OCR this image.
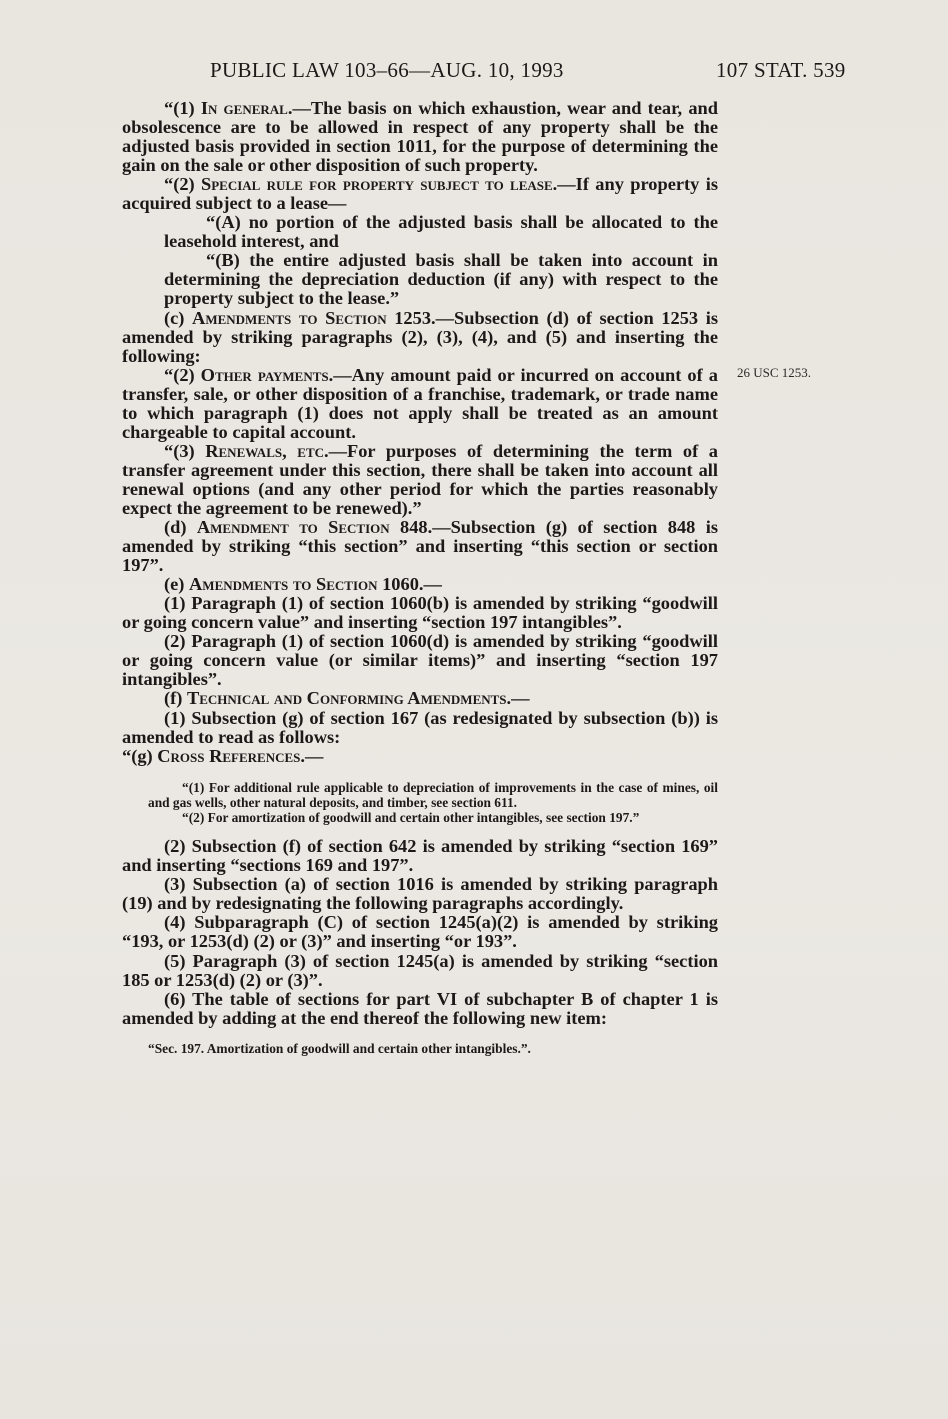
PUBLIC LAW 103–66—AUG. 10, 1993	107 STAT. 539
26 USC 1253.

“(1) In general.—The basis on which exhaustion, wear and tear, and obsolescence are to be allowed in respect of any property shall be the adjusted basis provided in section 1011, for the purpose of determining the gain on the sale or other disposition of such property.

“(2) Special rule for property subject to lease.—If any property is acquired subject to a lease—

“(A) no portion of the adjusted basis shall be allocated to the leasehold interest, and

“(B) the entire adjusted basis shall be taken into account in determining the depreciation deduction (if any) with respect to the property subject to the lease.”

(c) Amendments to Section 1253.—Subsection (d) of section 1253 is amended by striking paragraphs (2), (3), (4), and (5) and inserting the following:

“(2) Other payments.—Any amount paid or incurred on account of a transfer, sale, or other disposition of a franchise, trademark, or trade name to which paragraph (1) does not apply shall be treated as an amount chargeable to capital account.

“(3) Renewals, etc.—For purposes of determining the term of a transfer agreement under this section, there shall be taken into account all renewal options (and any other period for which the parties reasonably expect the agreement to be renewed).”

(d) Amendment to Section 848.—Subsection (g) of section 848 is amended by striking “this section” and inserting “this section or section 197”.

(e) Amendments to Section 1060.—

(1) Paragraph (1) of section 1060(b) is amended by striking “goodwill or going concern value” and inserting “section 197 intangibles”.

(2) Paragraph (1) of section 1060(d) is amended by striking “goodwill or going concern value (or similar items)” and inserting “section 197 intangibles”.

(f) Technical and Conforming Amendments.—

(1) Subsection (g) of section 167 (as redesignated by subsection (b)) is amended to read as follows:

“(g) Cross References.—

“(1) For additional rule applicable to depreciation of improvements in the case of mines, oil and gas wells, other natural deposits, and timber, see section 611.

“(2) For amortization of goodwill and certain other intangibles, see section 197.”

(2) Subsection (f) of section 642 is amended by striking “section 169” and inserting “sections 169 and 197”.

(3) Subsection (a) of section 1016 is amended by striking paragraph (19) and by redesignating the following paragraphs accordingly.

(4) Subparagraph (C) of section 1245(a)(2) is amended by striking “193, or 1253(d) (2) or (3)” and inserting “or 193”.

(5) Paragraph (3) of section 1245(a) is amended by striking “section 185 or 1253(d) (2) or (3)”.

(6) The table of sections for part VI of subchapter B of chapter 1 is amended by adding at the end thereof the following new item:

“Sec. 197. Amortization of goodwill and certain other intangibles.”.
